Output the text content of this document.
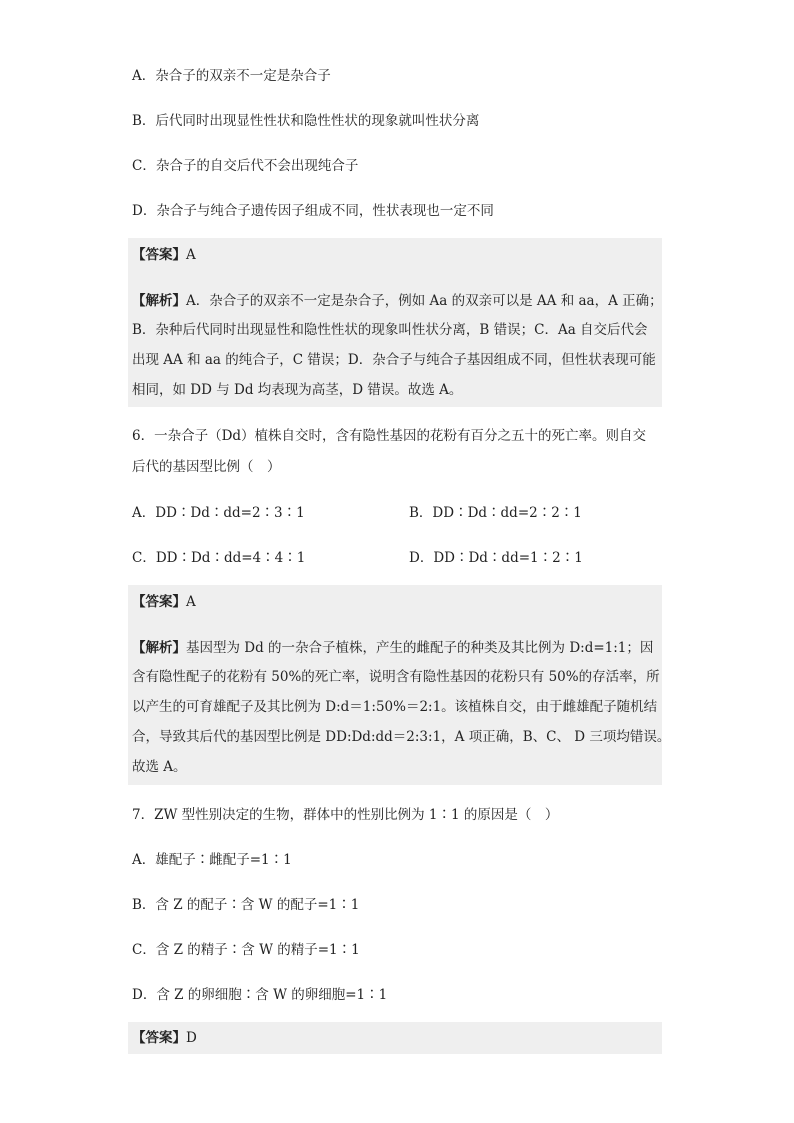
A．杂合子的双亲不一定是杂合子
B．后代同时出现显性性状和隐性性状的现象就叫性状分离
C．杂合子的自交后代不会出现纯合子
D．杂合子与纯合子遗传因子组成不同，性状表现也一定不同
【答案】A
【解析】A．杂合子的双亲不一定是杂合子，例如 Aa 的双亲可以是 AA 和 aa，A 正确；
B．杂种后代同时出现显性和隐性性状的现象叫性状分离，B 错误；C．Aa 自交后代会
出现 AA 和 aa 的纯合子，C 错误；D．杂合子与纯合子基因组成不同，但性状表现可能
相同，如 DD 与 Dd 均表现为高茎，D 错误。故选 A。
6．一杂合子（Dd）植株自交时，含有隐性基因的花粉有百分之五十的死亡率。则自交
后代的基因型比例（　）
A．DD∶Dd∶dd=2∶3∶1	B．DD∶Dd∶dd=2∶2∶1
C．DD∶Dd∶dd=4∶4∶1	D．DD∶Dd∶dd=1∶2∶1
【答案】A
【解析】基因型为 Dd 的一杂合子植株，产生的雌配子的种类及其比例为 D:d=1:1；因
含有隐性配子的花粉有 50%的死亡率，说明含有隐性基因的花粉只有 50%的存活率，所
以产生的可育雄配子及其比例为 D:d＝1:50%＝2:1。该植株自交，由于雌雄配子随机结
合，导致其后代的基因型比例是 DD:Dd:dd＝2:3:1，A 项正确，B、C、 D 三项均错误。
故选 A。
7．ZW 型性别决定的生物，群体中的性别比例为 1∶1 的原因是（　）
A．雄配子∶雌配子=1∶1
B．含 Z 的配子∶含 W 的配子=1∶1
C．含 Z 的精子∶含 W 的精子=1∶1
D．含 Z 的卵细胞∶含 W 的卵细胞=1∶1
【答案】D
